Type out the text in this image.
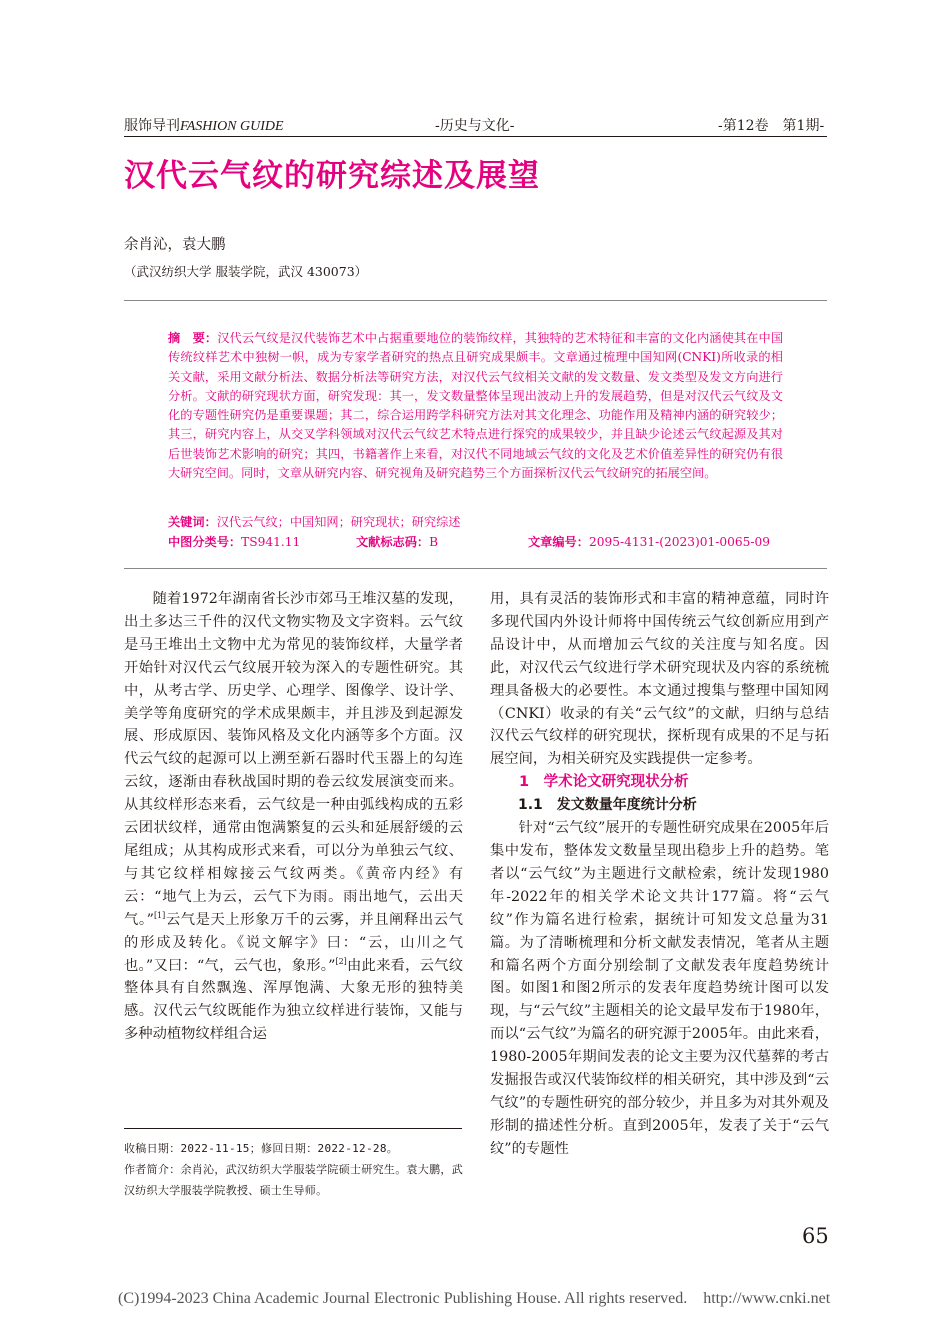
服饰导刊FASHION GUIDE	-历史与文化-	-第12卷　第1期-
汉代云气纹的研究综述及展望
余肖沁，袁大鹏
（武汉纺织大学 服装学院，武汉 430073）
摘　要：汉代云气纹是汉代装饰艺术中占据重要地位的装饰纹样，其独特的艺术特征和丰富的文化内涵使其在中国传统纹样艺术中独树一帜，成为专家学者研究的热点且研究成果颇丰。文章通过梳理中国知网(CNKI)所收录的相关文献，采用文献分析法、数据分析法等研究方法，对汉代云气纹相关文献的发文数量、发文类型及发文方向进行分析。文献的研究现状方面，研究发现：其一，发文数量整体呈现出波动上升的发展趋势，但是对汉代云气纹及文化的专题性研究仍是重要课题；其二，综合运用跨学科研究方法对其文化理念、功能作用及精神内涵的研究较少；其三，研究内容上，从交叉学科领域对汉代云气纹艺术特点进行探究的成果较少，并且缺少论述云气纹起源及其对后世装饰艺术影响的研究；其四，书籍著作上来看，对汉代不同地域云气纹的文化及艺术价值差异性的研究仍有很大研究空间。同时，文章从研究内容、研究视角及研究趋势三个方面探析汉代云气纹研究的拓展空间。
关键词：汉代云气纹；中国知网；研究现状；研究综述
中图分类号：TS941.11	文献标志码：B	文章编号：2095-4131-(2023)01-0065-09

随着1972年湖南省长沙市郊马王堆汉墓的发现，出土多达三千件的汉代文物实物及文字资料。云气纹是马王堆出土文物中尤为常见的装饰纹样，大量学者开始针对汉代云气纹展开较为深入的专题性研究。其中，从考古学、历史学、心理学、图像学、设计学、美学等角度研究的学术成果颇丰，并且涉及到起源发展、形成原因、装饰风格及文化内涵等多个方面。汉代云气纹的起源可以上溯至新石器时代玉器上的勾连云纹，逐渐由春秋战国时期的卷云纹发展演变而来。从其纹样形态来看，云气纹是一种由弧线构成的五彩云团状纹样，通常由饱满繁复的云头和延展舒缓的云尾组成；从其构成形式来看，可以分为单独云气纹、与其它纹样相嫁接云气纹两类。《黄帝内经》有云：“地气上为云，云气下为雨。雨出地气，云出天气。”[1]云气是天上形象万千的云雾，并且阐释出云气的形成及转化。《说文解字》曰：“云，山川之气也。”又曰：“气，云气也，象形。”[2]由此来看，云气纹整体具有自然飘逸、浑厚饱满、大象无形的独特美感。汉代云气纹既能作为独立纹样进行装饰，又能与多种动植物纹样组合运

用，具有灵活的装饰形式和丰富的精神意蕴，同时许多现代国内外设计师将中国传统云气纹创新应用到产品设计中，从而增加云气纹的关注度与知名度。因此，对汉代云气纹进行学术研究现状及内容的系统梳理具备极大的必要性。本文通过搜集与整理中国知网（CNKI）收录的有关“云气纹”的文献，归纳与总结汉代云气纹样的研究现状，探析现有成果的不足与拓展空间，为相关研究及实践提供一定参考。

1　学术论文研究现状分析

1.1　发文数量年度统计分析

针对“云气纹”展开的专题性研究成果在2005年后集中发布，整体发文数量呈现出稳步上升的趋势。笔者以“云气纹”为主题进行文献检索，统计发现1980年-2022年的相关学术论文共计177篇。将“云气纹”作为篇名进行检索，据统计可知发文总量为31篇。为了清晰梳理和分析文献发表情况，笔者从主题和篇名两个方面分别绘制了文献发表年度趋势统计图。如图1和图2所示的发表年度趋势统计图可以发现，与“云气纹”主题相关的论文最早发布于1980年，而以“云气纹”为篇名的研究源于2005年。由此来看，1980-2005年期间发表的论文主要为汉代墓葬的考古发掘报告或汉代装饰纹样的相关研究，其中涉及到“云气纹”的专题性研究的部分较少，并且多为对其外观及形制的描述性分析。直到2005年，发表了关于“云气纹”的专题性

收稿日期：2022-11-15；修回日期：2022-12-28。
作者简介：余肖沁，武汉纺织大学服装学院硕士研究生。袁大鹏，武汉纺织大学服装学院教授、硕士生导师。
65
(C)1994-2023 China Academic Journal Electronic Publishing House. All rights reserved.　http://www.cnki.net
